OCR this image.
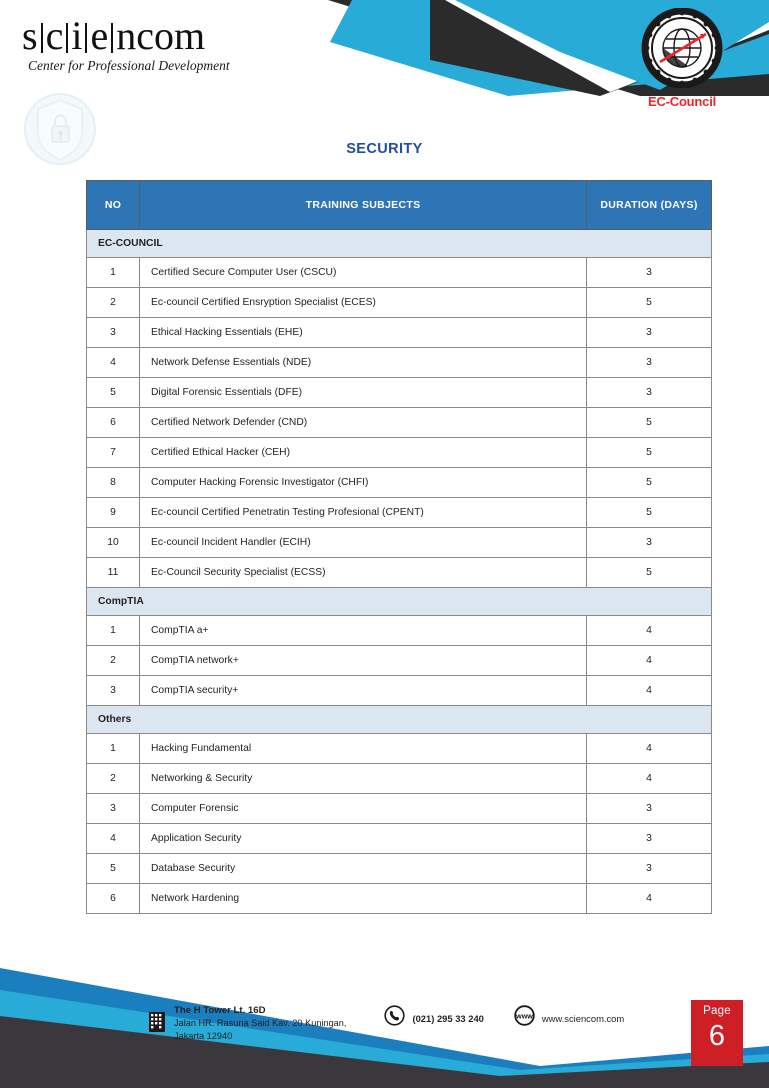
s c i e ncom
Center for Professional Development
EC-Council
SECURITY
NO	TRAINING SUBJECTS	DURATION (DAYS)
EC-COUNCIL		
1	Certified Secure Computer User (CSCU)	3
2	Ec-council Certified Ensryption Specialist (ECES)	5
3	Ethical Hacking Essentials (EHE)	3
4	Network Defense Essentials (NDE)	3
5	Digital Forensic Essentials (DFE)	3
6	Certified Network Defender (CND)	5
7	Certified Ethical Hacker (CEH)	5
8	Computer Hacking Forensic Investigator (CHFI)	5
9	Ec-council Certified Penetratin Testing Profesional (CPENT)	5
10	Ec-council Incident Handler (ECIH)	3
11	Ec-Council Security Specialist (ECSS)	5
CompTIA		
1	CompTIA a+	4
2	CompTIA network+	4
3	CompTIA security+	4
Others		
1	Hacking Fundamental	4
2	Networking & Security	4
3	Computer Forensic	3
4	Application Security	3
5	Database Security	3
6	Network Hardening	4
The H Tower Lt. 16D
Jalan HR. Rasuna Said Kav. 20 Kuningan,
Jakarta 12940
(021) 295 33 240	www www.sciencom.com
Page
6
